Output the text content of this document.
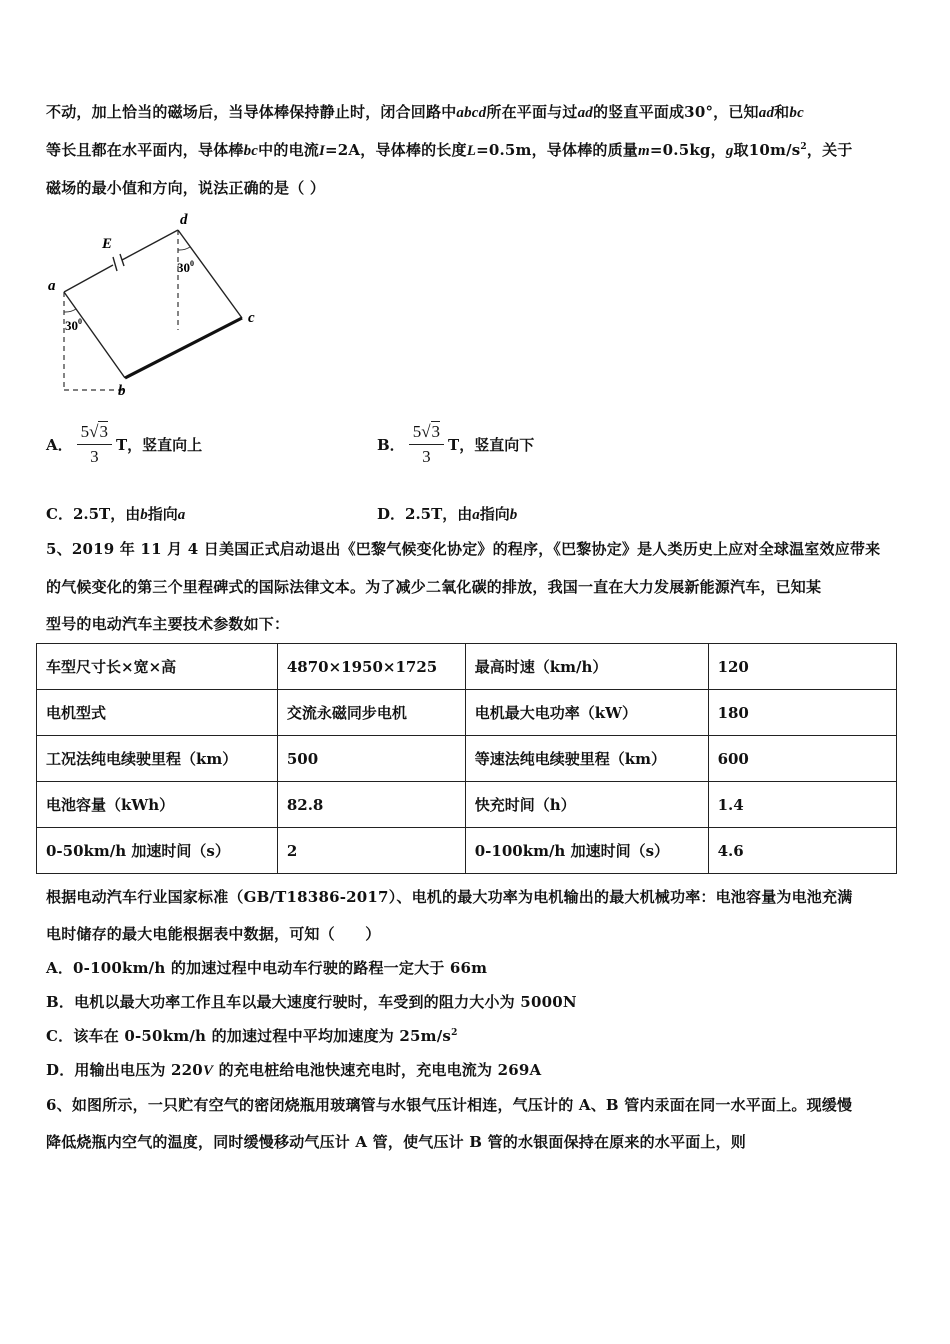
不动，加上恰当的磁场后，当导体棒保持静止时，闭合回路中abcd所在平面与过ad的竖直平面成30°，已知ad和bc
等长且都在水平面内，导体棒bc中的电流I=2A，导体棒的长度L=0.5m，导体棒的质量m=0.5kg，g取$10m/s^2$，关于
磁场的最小值和方向，说法正确的是（ ）
a
b
c
d
E
$30^0$
$30^0$
A． $\frac{5√3}{3}$ T，竖直向上	B． $\frac{5√3}{3}$ T，竖直向下
C．2.5T，由b指向a	D．2.5T，由a指向b
5、2019 年 11 月 4 日美国正式启动退出《巴黎气候变化协定》的程序，《巴黎协定》是人类历史上应对全球温室效应带来
的气候变化的第三个里程碑式的国际法律文本。为了减少二氧化碳的排放，我国一直在大力发展新能源汽车，已知某
型号的电动汽车主要技术参数如下：
车型尺寸长×宽×高	4870×1950×1725	最高时速（km/h）	120
电机型式	交流永磁同步电机	电机最大电功率（kW）	180
工况法纯电续驶里程（km）	500	等速法纯电续驶里程（km）	600
电池容量（kWh）	82.8	快充时间（h）	1.4
0-50km/h 加速时间（s）	2	0-100km/h 加速时间（s）	4.6
根据电动汽车行业国家标准（GB/T18386-2017）、电机的最大功率为电机输出的最大机械功率：电池容量为电池充满
电时储存的最大电能根据表中数据，可知（　　）
A．0-100km/h 的加速过程中电动车行驶的路程一定大于 66m
B．电机以最大功率工作且车以最大速度行驶时，车受到的阻力大小为 5000N
C．该车在 0-50km/h 的加速过程中平均加速度为 $25m/s^2$
D．用输出电压为 220V 的充电桩给电池快速充电时，充电电流为 269A
6、如图所示，一只贮有空气的密闭烧瓶用玻璃管与水银气压计相连，气压计的 A、B 管内汞面在同一水平面上。现缓慢
降低烧瓶内空气的温度，同时缓慢移动气压计 A 管，使气压计 B 管的水银面保持在原来的水平面上，则
